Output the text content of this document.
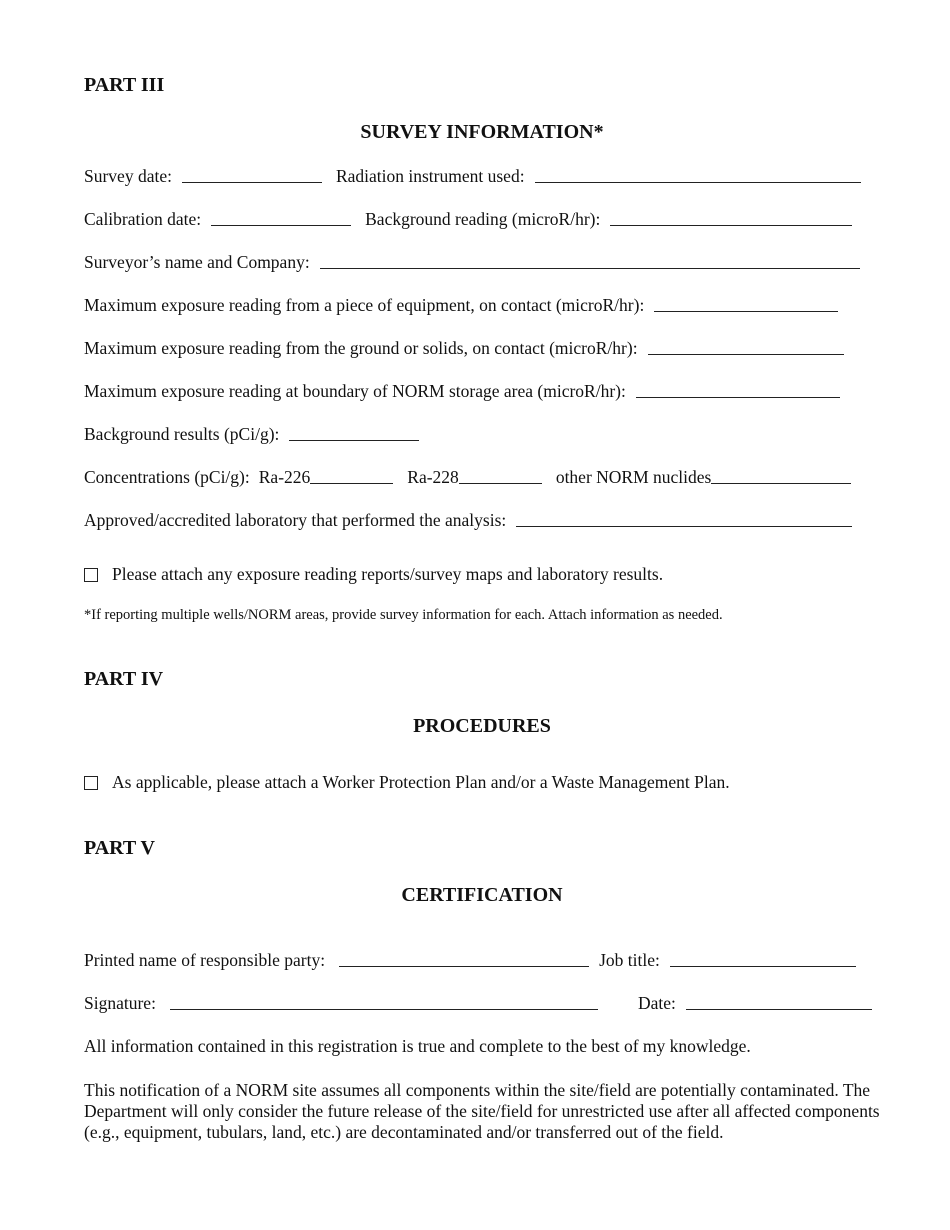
PART III
SURVEY INFORMATION*
Survey date:	Radiation instrument used:
Calibration date:	Background reading (microR/hr):
Surveyor’s name and Company:
Maximum exposure reading from a piece of equipment, on contact (microR/hr):
Maximum exposure reading from the ground or solids, on contact (microR/hr):
Maximum exposure reading at boundary of NORM storage area (microR/hr):
Background results (pCi/g):
Concentrations (pCi/g): Ra-226	Ra-228	other NORM nuclides
Approved/accredited laboratory that performed the analysis:
Please attach any exposure reading reports/survey maps and laboratory results.
*If reporting multiple wells/NORM areas, provide survey information for each. Attach information as needed.
PART IV
PROCEDURES
As applicable, please attach a Worker Protection Plan and/or a Waste Management Plan.
PART V
CERTIFICATION
Printed name of responsible party:	Job title:
Signature:	Date:
All information contained in this registration is true and complete to the best of my knowledge.
This notification of a NORM site assumes all components within the site/field are potentially contaminated. The Department will only consider the future release of the site/field for unrestricted use after all affected components (e.g., equipment, tubulars, land, etc.) are decontaminated and/or transferred out of the field.
